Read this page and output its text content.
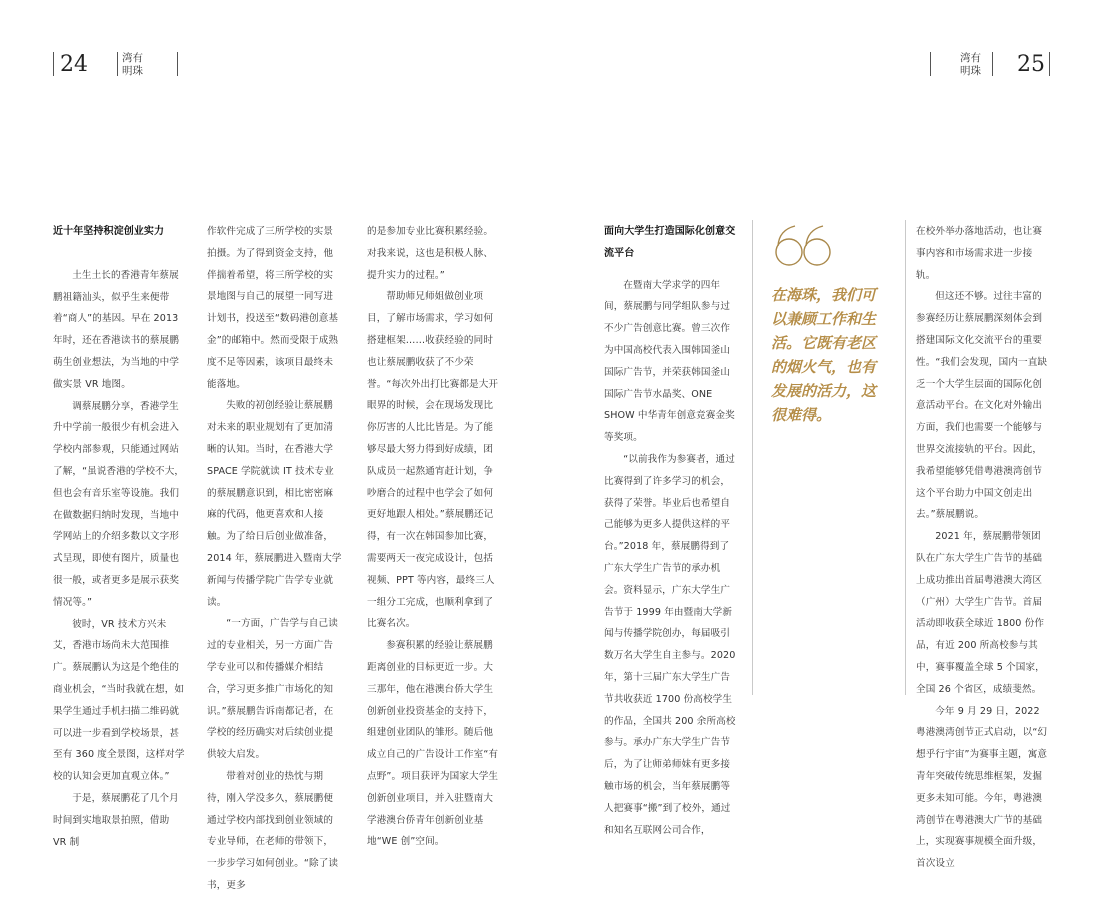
24	湾有
明珠
湾有
明珠 25

近十年坚持积淀创业实力

土生土长的香港青年蔡展鹏祖籍汕头，似乎生来便带着“商人”的基因。早在 2013 年时，还在香港读书的蔡展鹏萌生创业想法，为当地的中学做实景 VR 地图。

调蔡展鹏分享，香港学生升中学前一般很少有机会进入学校内部参观，只能通过网站了解，“虽说香港的学校不大，但也会有音乐室等设施。我们在做数据归纳时发现，当地中学网站上的介绍多数以文字形式呈现，即使有图片，质量也很一般，或者更多是展示获奖情况等。”

彼时，VR 技术方兴未艾，香港市场尚未大范围推广。蔡展鹏认为这是个绝佳的商业机会，“当时我就在想，如果学生通过手机扫描二维码就可以进一步看到学校场景，甚至有 360 度全景图，这样对学校的认知会更加直观立体。”

于是，蔡展鹏花了几个月时间到实地取景拍照，借助 VR 制

作软件完成了三所学校的实景拍摄。为了得到资金支持，他伴揣着希望，将三所学校的实景地图与自己的展望一同写进计划书，投送至“数码港创意基金”的邮箱中。然而受限于成熟度不足等因素，该项目最终未能落地。

失败的初创经验让蔡展鹏对未来的职业规划有了更加清晰的认知。当时，在香港大学 SPACE 学院就读 IT 技术专业的蔡展鹏意识到，相比密密麻麻的代码，他更喜欢和人接触。为了给日后创业做准备，2014 年，蔡展鹏进入暨南大学新闻与传播学院广告学专业就读。

“一方面，广告学与自己读过的专业相关，另一方面广告学专业可以和传播媒介相结合，学习更多推广市场化的知识。”蔡展鹏告诉南都记者，在学校的经历确实对后续创业提供较大启发。

带着对创业的热忱与期待，刚入学没多久，蔡展鹏便通过学校内部找到创业领域的专业导师，在老师的带领下，一步步学习如何创业。“除了读书，更多

的是参加专业比赛积累经验。对我来说，这也是积极人脉、提升实力的过程。”

帮助师兄师姐做创业项目，了解市场需求，学习如何搭建框架……收获经验的同时也让蔡展鹏收获了不少荣誉。“每次外出打比赛都是大开眼界的时候，会在现场发现比你厉害的人比比皆是。为了能够尽最大努力得到好成绩，团队成员一起熬通宵赶计划，争吵磨合的过程中也学会了如何更好地跟人相处。”蔡展鹏还记得，有一次在韩国参加比赛，需要两天一夜完成设计，包括视频、PPT 等内容，最终三人一组分工完成，也顺利拿到了比赛名次。

参赛积累的经验让蔡展鹏距离创业的目标更近一步。大三那年，他在港澳台侨大学生创新创业投资基金的支持下，组建创业团队的雏形。随后他成立自己的广告设计工作室“有点野”。项目获评为国家大学生创新创业项目，并入驻暨南大学港澳台侨青年创新创业基地“WE 创”空间。

面向大学生打造国际化创意交流平台

在暨南大学求学的四年间，蔡展鹏与同学组队参与过不少广告创意比赛。曾三次作为中国高校代表入围韩国釜山国际广告节，并荣获韩国釜山国际广告节水晶奖、ONE SHOW 中华青年创意竞赛金奖等奖项。

“以前我作为参赛者，通过比赛得到了许多学习的机会，获得了荣誉。毕业后也希望自己能够为更多人提供这样的平台。”2018 年，蔡展鹏得到了广东大学生广告节的承办机会。资料显示，广东大学生广告节于 1999 年由暨南大学新闻与传播学院创办，每届吸引数万名大学生自主参与。2020 年，第十三届广东大学生广告节共收获近 1700 份高校学生的作品，全国共 200 余所高校参与。承办广东大学生广告节后，为了让师弟师妹有更多接触市场的机会，当年蔡展鹏等人把赛事“搬”到了校外，通过和知名互联网公司合作，

在海珠，我们可以兼顾工作和生活。它既有老区的烟火气，也有发展的活力，这很难得。

在校外举办落地活动，也让赛事内容和市场需求进一步接轨。

但这还不够。过往丰富的参赛经历让蔡展鹏深刻体会到搭建国际文化交流平台的重要性。“我们会发现，国内一直缺乏一个大学生层面的国际化创意活动平台。在文化对外输出方面，我们也需要一个能够与世界交流接轨的平台。因此，我希望能够凭借粤港澳湾创节这个平台助力中国文创走出去。”蔡展鹏说。

2021 年，蔡展鹏带领团队在广东大学生广告节的基础上成功推出首届粤港澳大湾区（广州）大学生广告节。首届活动即收获全球近 1800 份作品，有近 200 所高校参与其中，赛事覆盖全球 5 个国家，全国 26 个省区，成绩斐然。

今年 9 月 29 日，2022 粤港澳湾创节正式启动，以“幻想乎行宇宙”为赛事主题，寓意青年突破传统思维框架，发掘更多未知可能。今年，粤港澳湾创节在粤港澳大广节的基础上，实现赛事规模全面升级，首次设立
